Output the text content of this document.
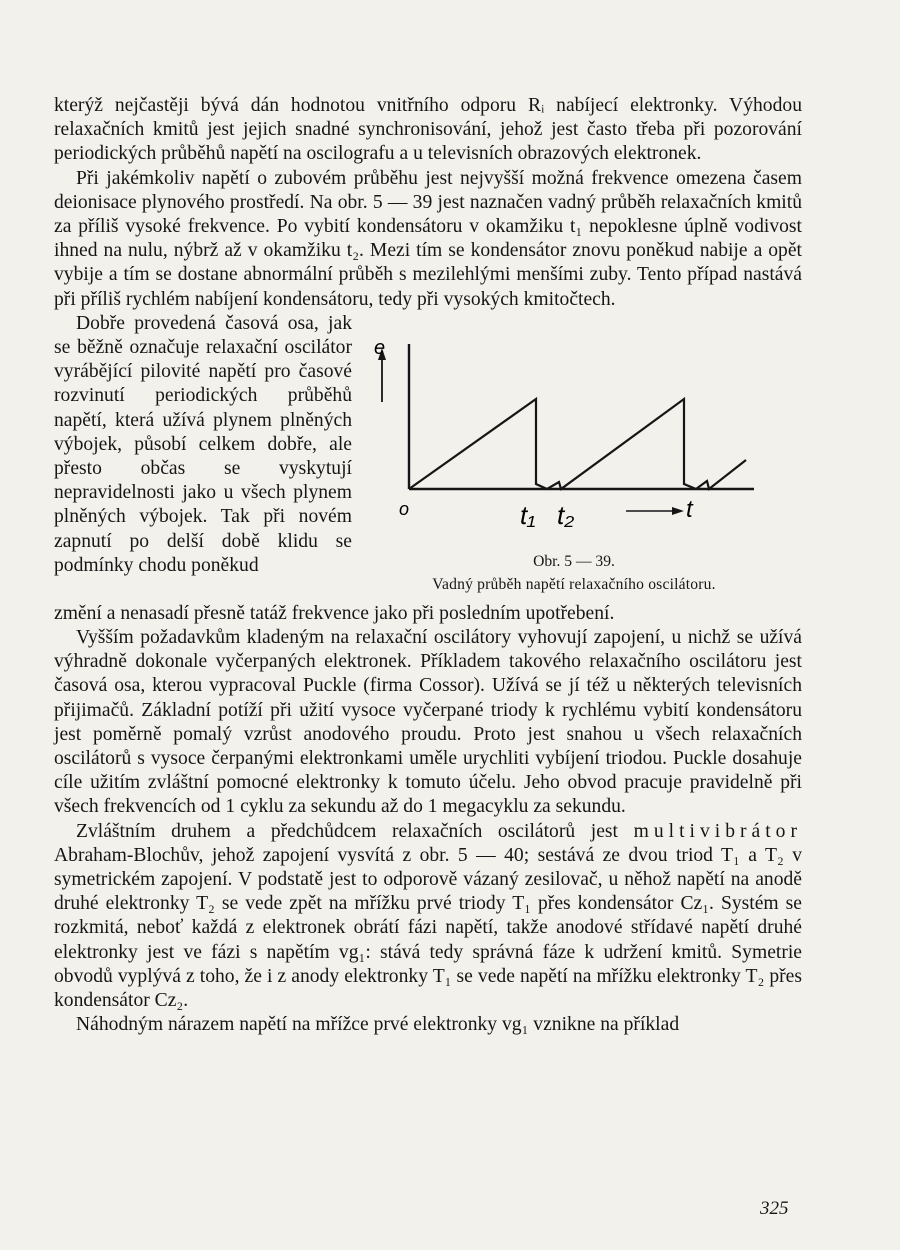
kterýž nejčastěji bývá dán hodnotou vnitřního odporu Rᵢ nabíjecí elektronky. Výhodou relaxačních kmitů jest jejich snadné synchronisování, jehož jest často třeba při pozorování periodických průběhů napětí na oscilografu a u televisních obrazových elektronek.

Při jakémkoliv napětí o zubovém průběhu jest nejvyšší možná frekvence omezena časem deionisace plynového prostředí. Na obr. 5 — 39 jest naznačen vadný průběh relaxačních kmitů za příliš vysoké frekvence. Po vybití kondensátoru v okamžiku t₁ nepoklesne úplně vodivost ihned na nulu, nýbrž až v okamžiku t₂. Mezi tím se kondensátor znovu poněkud nabije a opět vybije a tím se dostane abnormální průběh s mezilehlými menšími zuby. Tento případ nastává při příliš rychlém nabíjení kondensátoru, tedy při vysokých kmitočtech.

Dobře provedená časová osa, jak se běžně označuje relaxační oscilátor vyrábějící pilovité napětí pro časové rozvinutí periodických průběhů napětí, která užívá plynem plněných výbojek, působí celkem dobře, ale přesto občas se vyskytují nepravidelnosti jako u všech plynem plněných výbojek. Tak při novém zapnutí po delší době klidu se podmínky chodu poněkud

e
o	t₁ t₂	t
Obr. 5 — 39.
Vadný průběh napětí relaxačního oscilátoru.

změní a nenasadí přesně tatáž frekvence jako při posledním upotřebení.

Vyšším požadavkům kladeným na relaxační oscilátory vyhovují zapojení, u nichž se užívá výhradně dokonale vyčerpaných elektronek. Příkladem takového relaxačního oscilátoru jest časová osa, kterou vypracoval Puckle (firma Cossor). Užívá se jí též u některých televisních přijimačů. Základní potíží při užití vysoce vyčerpané triody k rychlému vybití kondensátoru jest poměrně pomalý vzrůst anodového proudu. Proto jest snahou u všech relaxačních oscilátorů s vysoce čerpanými elektronkami uměle urychliti vybíjení triodou. Puckle dosahuje cíle užitím zvláštní pomocné elektronky k tomuto účelu. Jeho obvod pracuje pravidelně při všech frekvencích od 1 cyklu za sekundu až do 1 megacyklu za sekundu.

Zvláštním druhem a předchůdcem relaxačních oscilátorů jest multivibrátor Abraham-Blochův, jehož zapojení vysvítá z obr. 5 — 40; sestává ze dvou triod T₁ a T₂ v symetrickém zapojení. V podstatě jest to odporově vázaný zesilovač, u něhož napětí na anodě druhé elektronky T₂ se vede zpět na mřížku prvé triody T₁ přes kondensátor Cz₁. Systém se rozkmitá, neboť každá z elektronek obrátí fázi napětí, takže anodové střídavé napětí druhé elektronky jest ve fázi s napětím vg₁: stává tedy správná fáze k udržení kmitů. Symetrie obvodů vyplývá z toho, že i z anody elektronky T₁ se vede napětí na mřížku elektronky T₂ přes kondensátor Cz₂.

Náhodným nárazem napětí na mřížce prvé elektronky vg₁ vznikne na příklad

325
